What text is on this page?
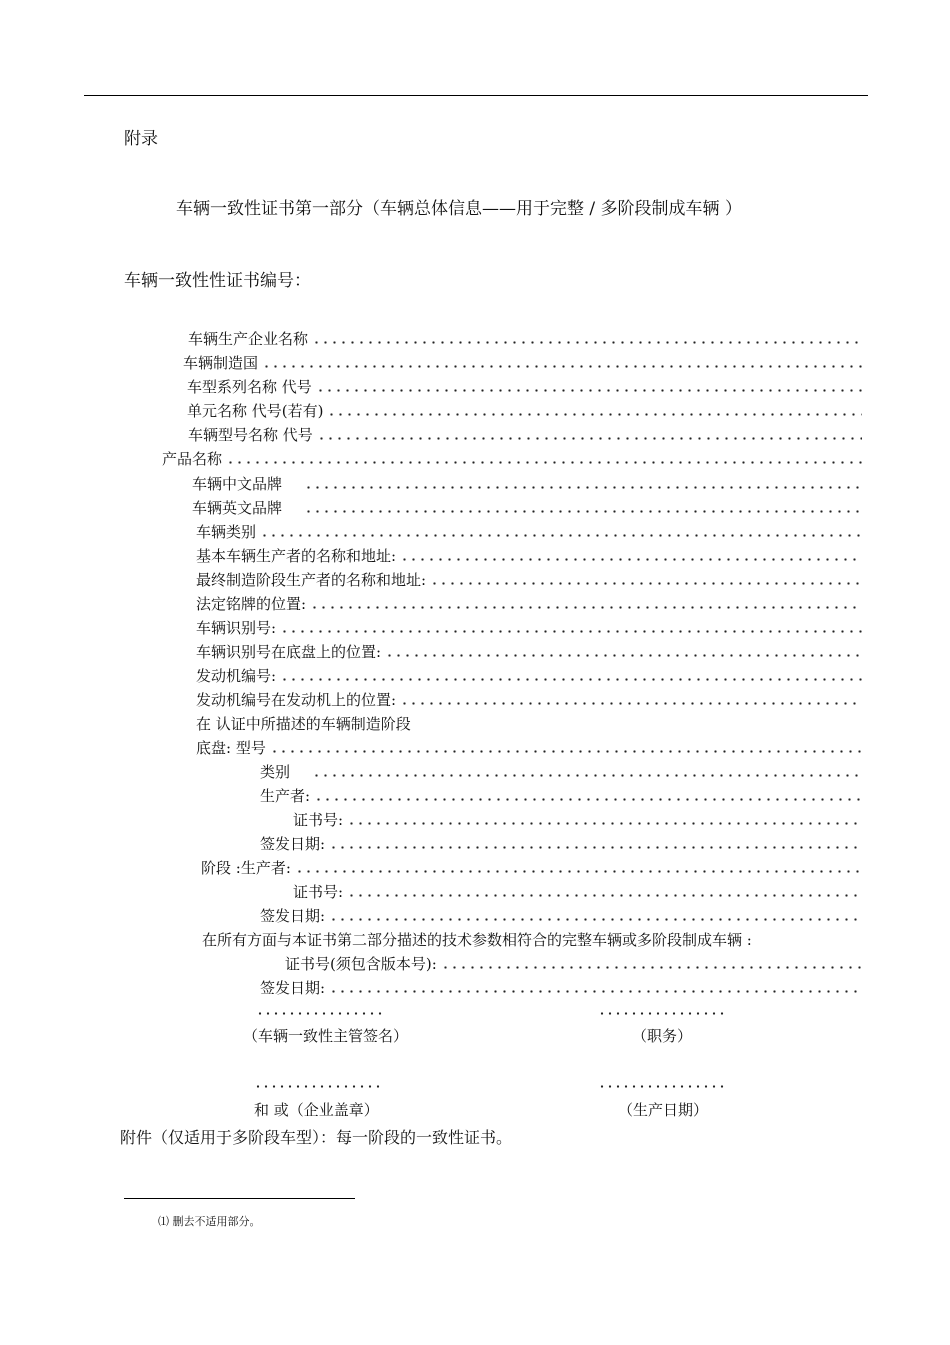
附录
车辆一致性证书第一部分（车辆总体信息——用于完整 / 多阶段制成车辆 ）
车辆一致性性证书编号：
车辆生产企业名称
车辆制造国
车型系列名称 代号
单元名称 代号(若有)
车辆型号名称 代号
产品名称
车辆中文品牌
车辆英文品牌
车辆类别
基本车辆生产者的名称和地址:
最终制造阶段生产者的名称和地址:
法定铭牌的位置:
车辆识别号:
车辆识别号在底盘上的位置:
发动机编号:
发动机编号在发动机上的位置:
在 认证中所描述的车辆制造阶段
底盘: 型号
类别
生产者:
证书号:
签发日期:
阶段 :生产者:
证书号:
签发日期:
在所有方面与本证书第二部分描述的技术参数相符合的完整车辆或多阶段制成车辆 :
证书号(须包含版本号):
签发日期:
（车辆一致性主管签名）	（职务）
和 或（企业盖章）	（生产日期）
附件（仅适用于多阶段车型）：每一阶段的一致性证书。
⑴ 删去不适用部分。
